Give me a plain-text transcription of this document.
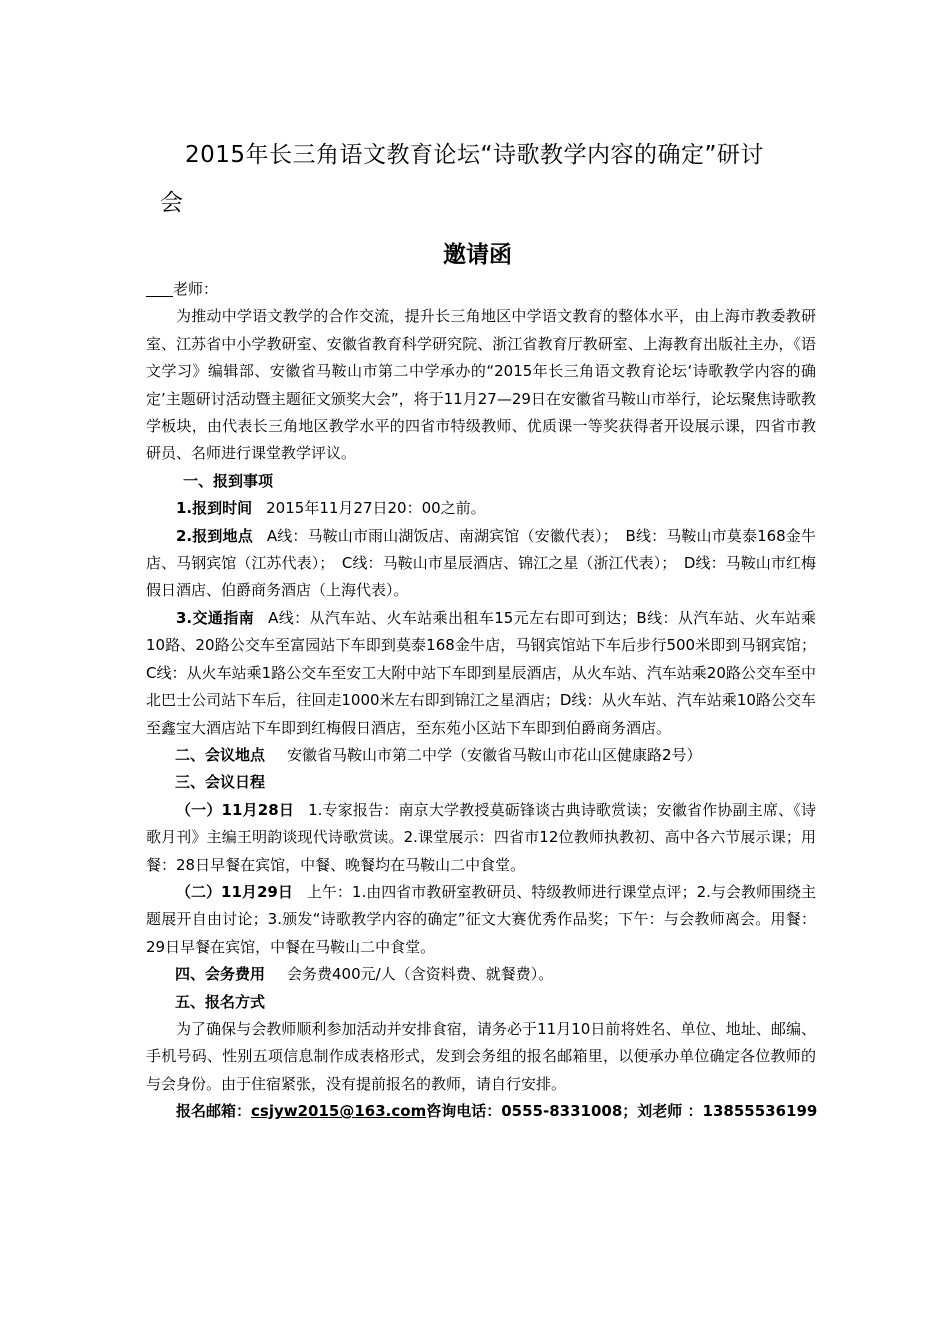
2015年长三角语文教育论坛“诗歌教学内容的确定”研讨
会
邀请函

老师：

为推动中学语文教学的合作交流，提升长三角地区中学语文教育的整体水平，由上海市教委教研室、江苏省中小学教研室、安徽省教育科学研究院、浙江省教育厅教研室、上海教育出版社主办，《语文学习》编辑部、安徽省马鞍山市第二中学承办的“2015年长三角语文教育论坛‘诗歌教学内容的确定’主题研讨活动暨主题征文颁奖大会”，将于11月27—29日在安徽省马鞍山市举行，论坛聚焦诗歌教学板块，由代表长三角地区教学水平的四省市特级教师、优质课一等奖获得者开设展示课，四省市教研员、名师进行课堂教学评议。

一、报到事项

1.报到时间 2015年11月27日20：00之前。

2.报到地点 A线：马鞍山市雨山湖饭店、南湖宾馆（安徽代表）；　B线：马鞍山市莫泰168金牛店、马钢宾馆（江苏代表）；　C线：马鞍山市星辰酒店、锦江之星（浙江代表）；　D线：马鞍山市红梅假日酒店、伯爵商务酒店（上海代表）。

3.交通指南 A线：从汽车站、火车站乘出租车15元左右即可到达；B线：从汽车站、火车站乘10路、20路公交车至富园站下车即到莫泰168金牛店，马钢宾馆站下车后步行500米即到马钢宾馆；C线：从火车站乘1路公交车至安工大附中站下车即到星辰酒店，从火车站、汽车站乘20路公交车至中北巴士公司站下车后，往回走1000米左右即到锦江之星酒店；D线：从火车站、汽车站乘10路公交车至鑫宝大酒店站下车即到红梅假日酒店，至东苑小区站下车即到伯爵商务酒店。

二、会议地点 安徽省马鞍山市第二中学（安徽省马鞍山市花山区健康路2号）

三、会议日程

（一）11月28日 1.专家报告：南京大学教授莫砺锋谈古典诗歌赏读；安徽省作协副主席、《诗歌月刊》主编王明韵谈现代诗歌赏读。2.课堂展示：四省市12位教师执教初、高中各六节展示课；用餐：28日早餐在宾馆，中餐、晚餐均在马鞍山二中食堂。

（二）11月29日 上午：1.由四省市教研室教研员、特级教师进行课堂点评；2.与会教师围绕主题展开自由讨论；3.颁发“诗歌教学内容的确定”征文大赛优秀作品奖；下午：与会教师离会。用餐：29日早餐在宾馆，中餐在马鞍山二中食堂。

四、会务费用 会务费400元/人（含资料费、就餐费）。

五、报名方式

为了确保与会教师顺利参加活动并安排食宿，请务必于11月10日前将姓名、单位、地址、邮编、手机号码、性别五项信息制作成表格形式，发到会务组的报名邮箱里，以便承办单位确定各位教师的与会身份。由于住宿紧张，没有提前报名的教师，请自行安排。

报名邮箱：csjyw2015@163.com咨询电话：0555-8331008；刘老师 ：13855536199
